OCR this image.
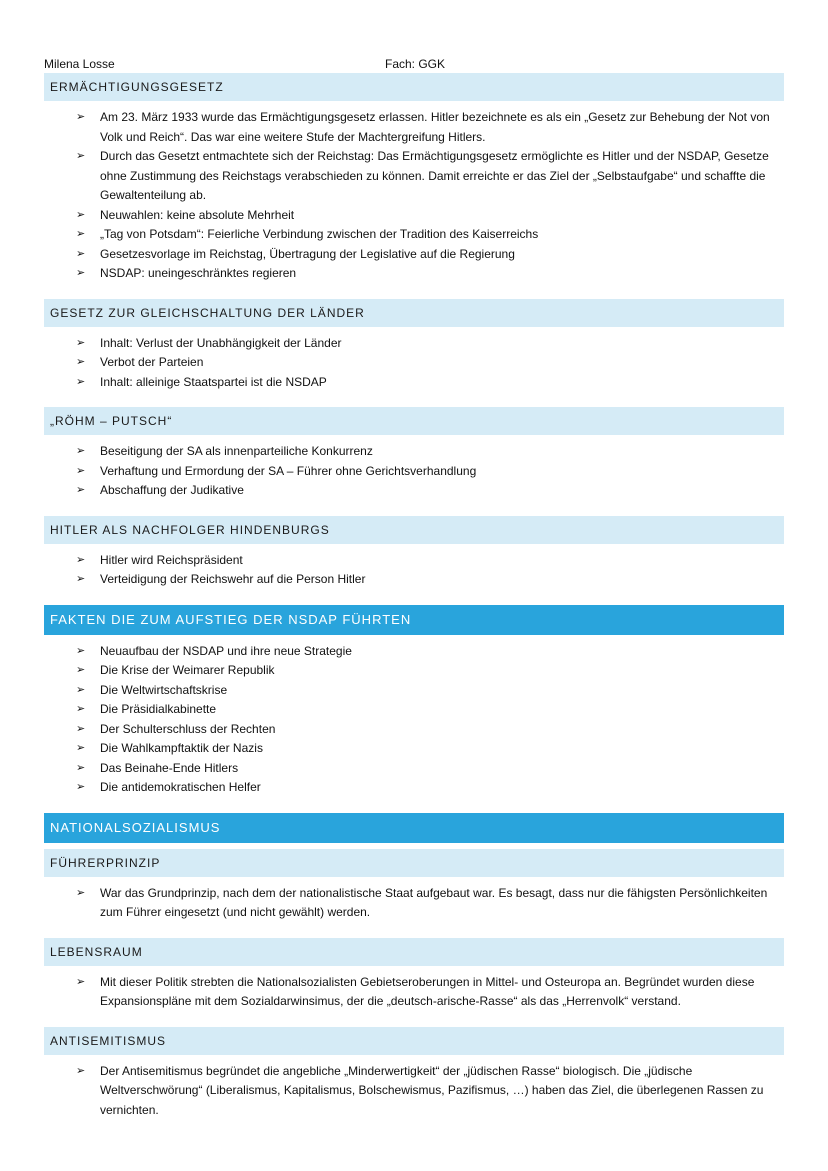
Milena Losse	Fach: GGK
ERMÄCHTIGUNGSGESETZ
➢ Am 23. März 1933 wurde das Ermächtigungsgesetz erlassen. Hitler bezeichnete es als ein „Gesetz zur Behebung der Not von Volk und Reich“. Das war eine weitere Stufe der Machtergreifung Hitlers.
➢ Durch das Gesetzt entmachtete sich der Reichstag: Das Ermächtigungsgesetz ermöglichte es Hitler und der NSDAP, Gesetze ohne Zustimmung des Reichstags verabschieden zu können. Damit erreichte er das Ziel der „Selbstaufgabe“ und schaffte die Gewaltenteilung ab.
➢ Neuwahlen: keine absolute Mehrheit
➢ „Tag von Potsdam“: Feierliche Verbindung zwischen der Tradition des Kaiserreichs
➢ Gesetzesvorlage im Reichstag, Übertragung der Legislative auf die Regierung
➢ NSDAP: uneingeschränktes regieren
GESETZ ZUR GLEICHSCHALTUNG DER LÄNDER
➢ Inhalt: Verlust der Unabhängigkeit der Länder
➢ Verbot der Parteien
➢ Inhalt: alleinige Staatspartei ist die NSDAP
„RÖHM – PUTSCH“
➢ Beseitigung der SA als innenparteiliche Konkurrenz
➢ Verhaftung und Ermordung der SA – Führer ohne Gerichtsverhandlung
➢ Abschaffung der Judikative
HITLER ALS NACHFOLGER HINDENBURGS
➢ Hitler wird Reichspräsident
➢ Verteidigung der Reichswehr auf die Person Hitler
FAKTEN DIE ZUM AUFSTIEG DER NSDAP FÜHRTEN
➢ Neuaufbau der NSDAP und ihre neue Strategie
➢ Die Krise der Weimarer Republik
➢ Die Weltwirtschaftskrise
➢ Die Präsidialkabinette
➢ Der Schulterschluss der Rechten
➢ Die Wahlkampftaktik der Nazis
➢ Das Beinahe-Ende Hitlers
➢ Die antidemokratischen Helfer
NATIONALSOZIALISMUS
FÜHRERPRINZIP
➢ War das Grundprinzip, nach dem der nationalistische Staat aufgebaut war. Es besagt, dass nur die fähigsten Persönlichkeiten zum Führer eingesetzt (und nicht gewählt) werden.
LEBENSRAUM
➢ Mit dieser Politik strebten die Nationalsozialisten Gebietseroberungen in Mittel- und Osteuropa an. Begründet wurden diese Expansionspläne mit dem Sozialdarwinsimus, der die „deutsch-arische-Rasse“ als das „Herrenvolk“ verstand.
ANTISEMITISMUS
➢ Der Antisemitismus begründet die angebliche „Minderwertigkeit“ der „jüdischen Rasse“ biologisch. Die „jüdische Weltverschwörung“ (Liberalismus, Kapitalismus, Bolschewismus, Pazifismus, …) haben das Ziel, die überlegenen Rassen zu vernichten.
